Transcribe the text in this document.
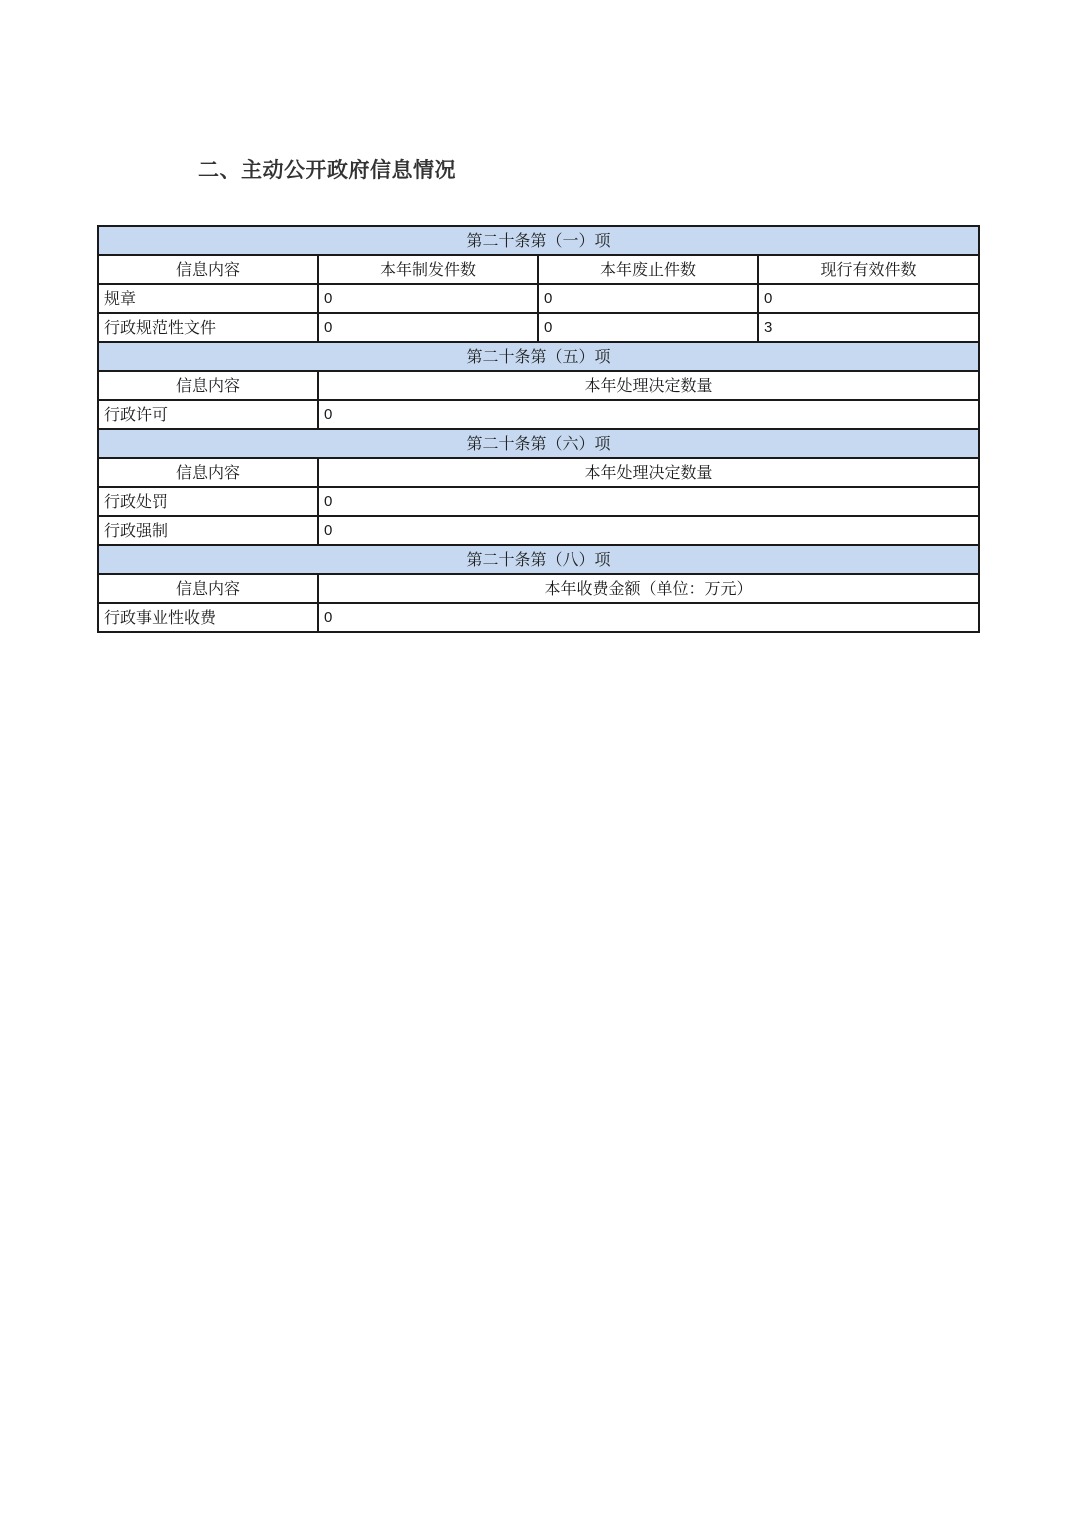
二、主动公开政府信息情况
第二十条第（一）项			
信息内容	本年制发件数	本年废止件数	现行有效件数
规章	0	0	0
行政规范性文件	0	0	3
第二十条第（五）项			
信息内容	本年处理决定数量		
行政许可	0		
第二十条第（六）项			
信息内容	本年处理决定数量		
行政处罚	0		
行政强制	0		
第二十条第（八）项			
信息内容	本年收费金额（单位：万元）		
行政事业性收费	0		
